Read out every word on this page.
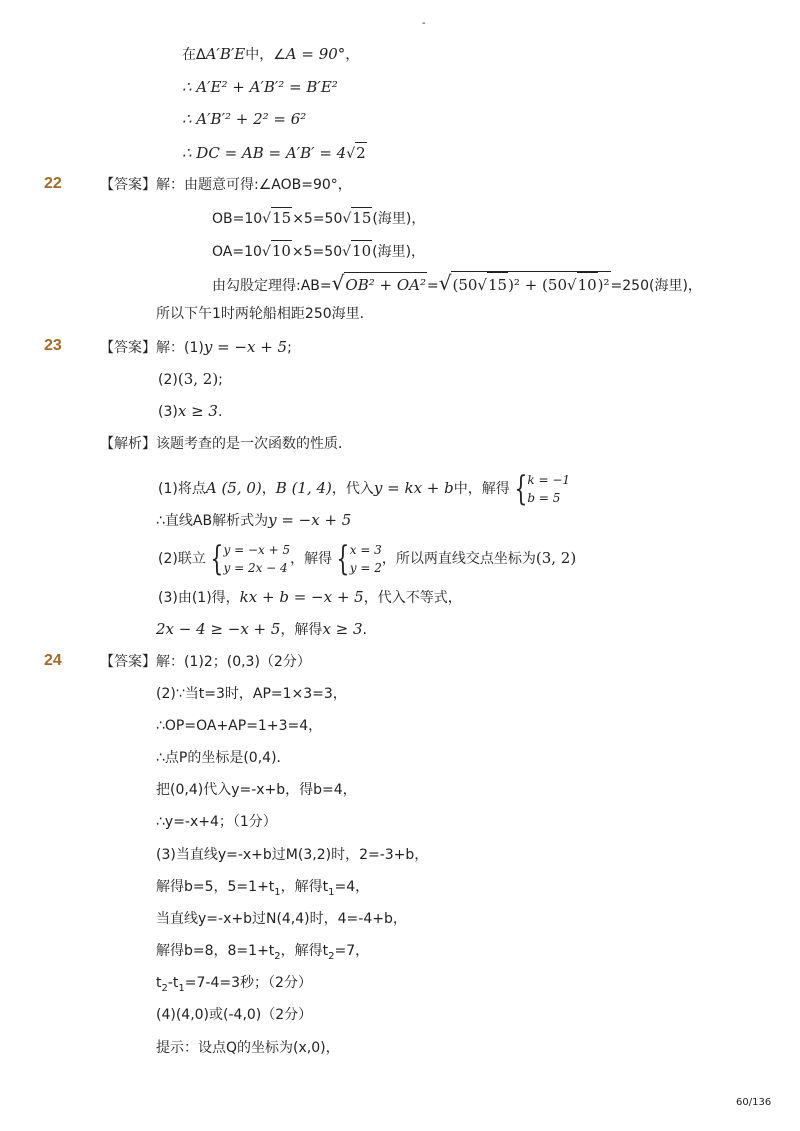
-
在ΔA′B′E中，∠A = 90°，
∴ A′E² + A′B′² = B′E²
∴ A′B′² + 2² = 6²
∴ DC = AB = A′B′ = 4√2
22	【答案】解：由题意可得:∠AOB=90°，
OB=10√15×5=50√15(海里)，
OA=10√10×5=50√10(海里)，
由勾股定理得:AB=√OB² + OA²=√(50√15)² + (50√10)²=250(海里)，
所以下午1时两轮船相距250海里．
23	【答案】解：(1)y = −x + 5;
(2)(3, 2);
(3)x ≥ 3.
【解析】该题考查的是一次函数的性质．
(1)将点A (5, 0)，B (1, 4)，代入y = kx + b中，解得 {k = −1
b = 5
∴直线AB解析式为y = −x + 5
(2)联立 {y = −x + 5
y = 2x − 4，解得 {x = 3
y = 2，所以两直线交点坐标为(3, 2)
(3)由(1)得，kx + b = −x + 5，代入不等式，
2x − 4 ≥ −x + 5，解得x ≥ 3.
24	【答案】解：(1)2；(0,3)（2分）
(2)∵当t=3时，AP=1×3=3，
∴OP=OA+AP=1+3=4，
∴点P的坐标是(0,4)．
把(0,4)代入y=-x+b，得b=4，
∴y=-x+4；（1分）
(3)当直线y=-x+b过M(3,2)时，2=-3+b，
解得b=5，$5=1+t_1$，解得$t_1=4$，
当直线y=-x+b过N(4,4)时，4=-4+b，
解得b=8，$8=1+t_2$，解得$t_2=7$，
$t_2-t_1=7-4=3$秒；（2分）
(4)(4,0)或(-4,0)（2分）
提示：设点Q的坐标为(x,0)，
60/136
